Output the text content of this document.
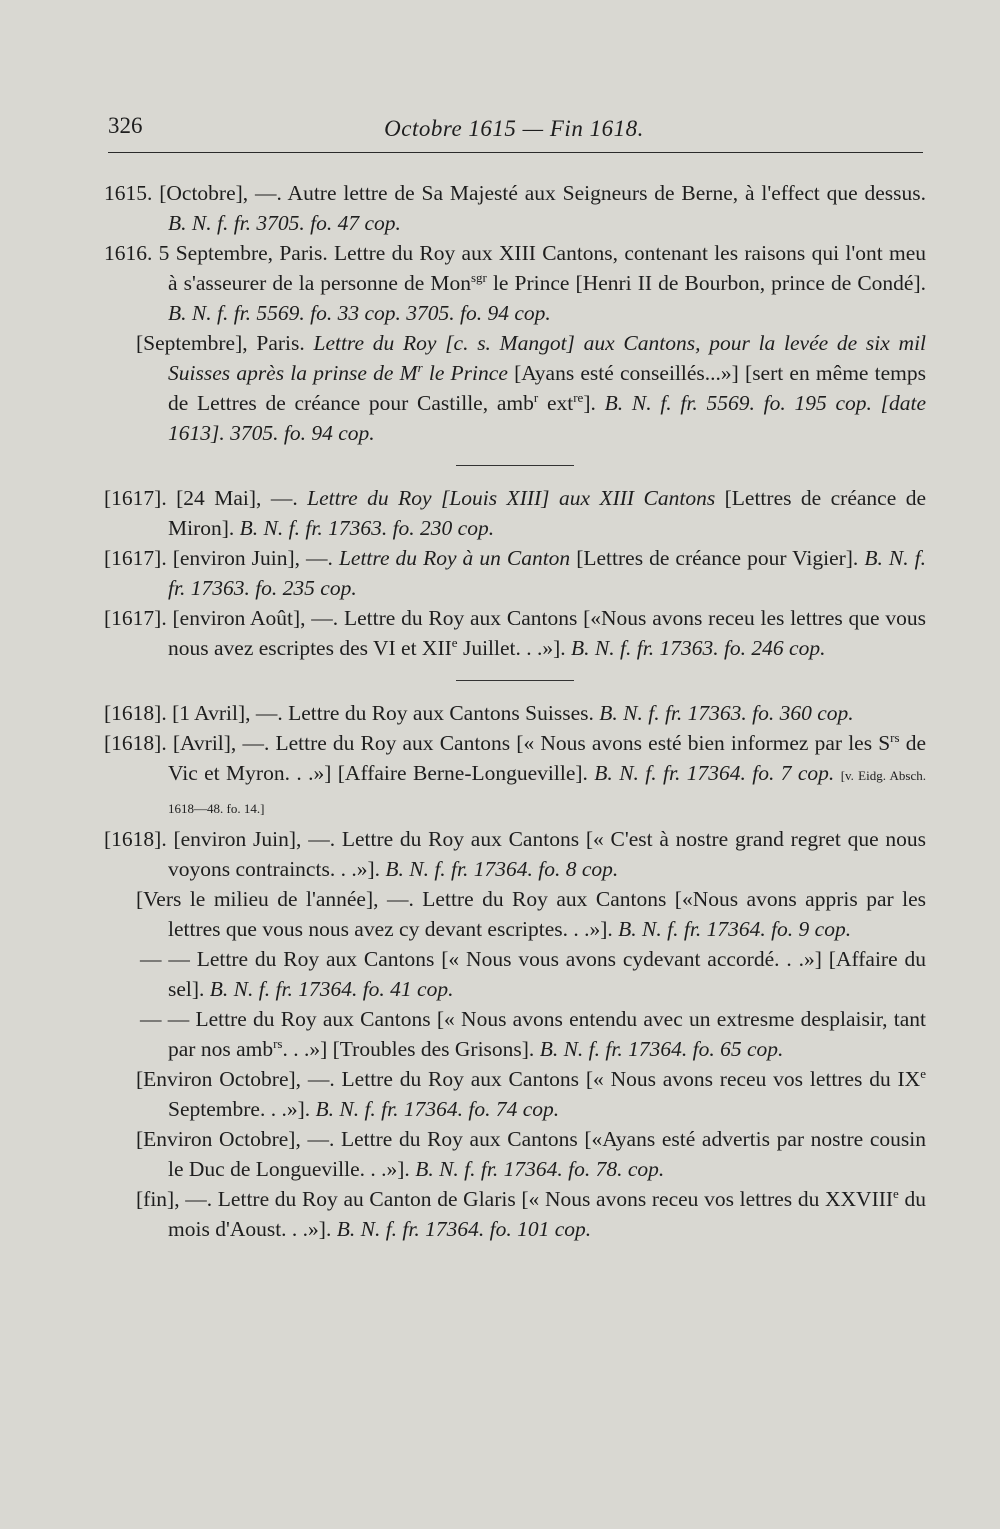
326	Octobre 1615 — Fin 1618.

1615. [Octobre], —. Autre lettre de Sa Majesté aux Seigneurs de Berne, à l'effect que dessus. B. N. f. fr. 3705. fo. 47 cop.

1616. 5 Septembre, Paris. Lettre du Roy aux XIII Cantons, contenant les raisons qui l'ont meu à s'asseurer de la personne de Mon$^{sgr}$ le Prince [Henri II de Bourbon, prince de Condé]. B. N. f. fr. 5569. fo. 33 cop. 3705. fo. 94 cop.

[Septembre], Paris. Lettre du Roy [c. s. Mangot] aux Cantons, pour la levée de six mil Suisses après la prinse de $M^r$ le Prince [Ayans esté conseillés...»] [sert en même temps de Lettres de créance pour Castille, amb$^r$ ext$^{re}$]. B. N. f. fr. 5569. fo. 195 cop. [date 1613]. 3705. fo. 94 cop.

[1617]. [24 Mai], —. Lettre du Roy [Louis XIII] aux XIII Cantons [Lettres de créance de Miron]. B. N. f. fr. 17363. fo. 230 cop.

[1617]. [environ Juin], —. Lettre du Roy à un Canton [Lettres de créance pour Vigier]. B. N. f. fr. 17363. fo. 235 cop.

[1617]. [environ Août], —. Lettre du Roy aux Cantons [«Nous avons receu les lettres que vous nous avez escriptes des VI et XIIe Juillet. . .»]. B. N. f. fr. 17363. fo. 246 cop.

[1618]. [1 Avril], —. Lettre du Roy aux Cantons Suisses. B. N. f. fr. 17363. fo. 360 cop.

[1618]. [Avril], —. Lettre du Roy aux Cantons [« Nous avons esté bien informez par les $S^{rs}$ de Vic et Myron. . .»] [Affaire Berne-Longueville]. B. N. f. fr. 17364. fo. 7 cop. [v. Eidg. Absch. 1618—48. fo. 14.]

[1618]. [environ Juin], —. Lettre du Roy aux Cantons [« C'est à nostre grand regret que nous voyons contraincts. . .»]. B. N. f. fr. 17364. fo. 8 cop.

[Vers le milieu de l'année], —. Lettre du Roy aux Cantons [«Nous avons appris par les lettres que vous nous avez cy devant escriptes. . .»]. B. N. f. fr. 17364. fo. 9 cop.

— — Lettre du Roy aux Cantons [« Nous vous avons cydevant accordé. . .»] [Affaire du sel]. B. N. f. fr. 17364. fo. 41 cop.

— — Lettre du Roy aux Cantons [« Nous avons entendu avec un extresme desplaisir, tant par nos amb$^{rs}$. . .»] [Troubles des Grisons]. B. N. f. fr. 17364. fo. 65 cop.

[Environ Octobre], —. Lettre du Roy aux Cantons [« Nous avons receu vos lettres du IXe Septembre. . .»]. B. N. f. fr. 17364. fo. 74 cop.

[Environ Octobre], —. Lettre du Roy aux Cantons [«Ayans esté advertis par nostre cousin le Duc de Longueville. . .»]. B. N. f. fr. 17364. fo. 78. cop.

[fin], —. Lettre du Roy au Canton de Glaris [« Nous avons receu vos lettres du XXVIIIe du mois d'Aoust. . .»]. B. N. f. fr. 17364. fo. 101 cop.
